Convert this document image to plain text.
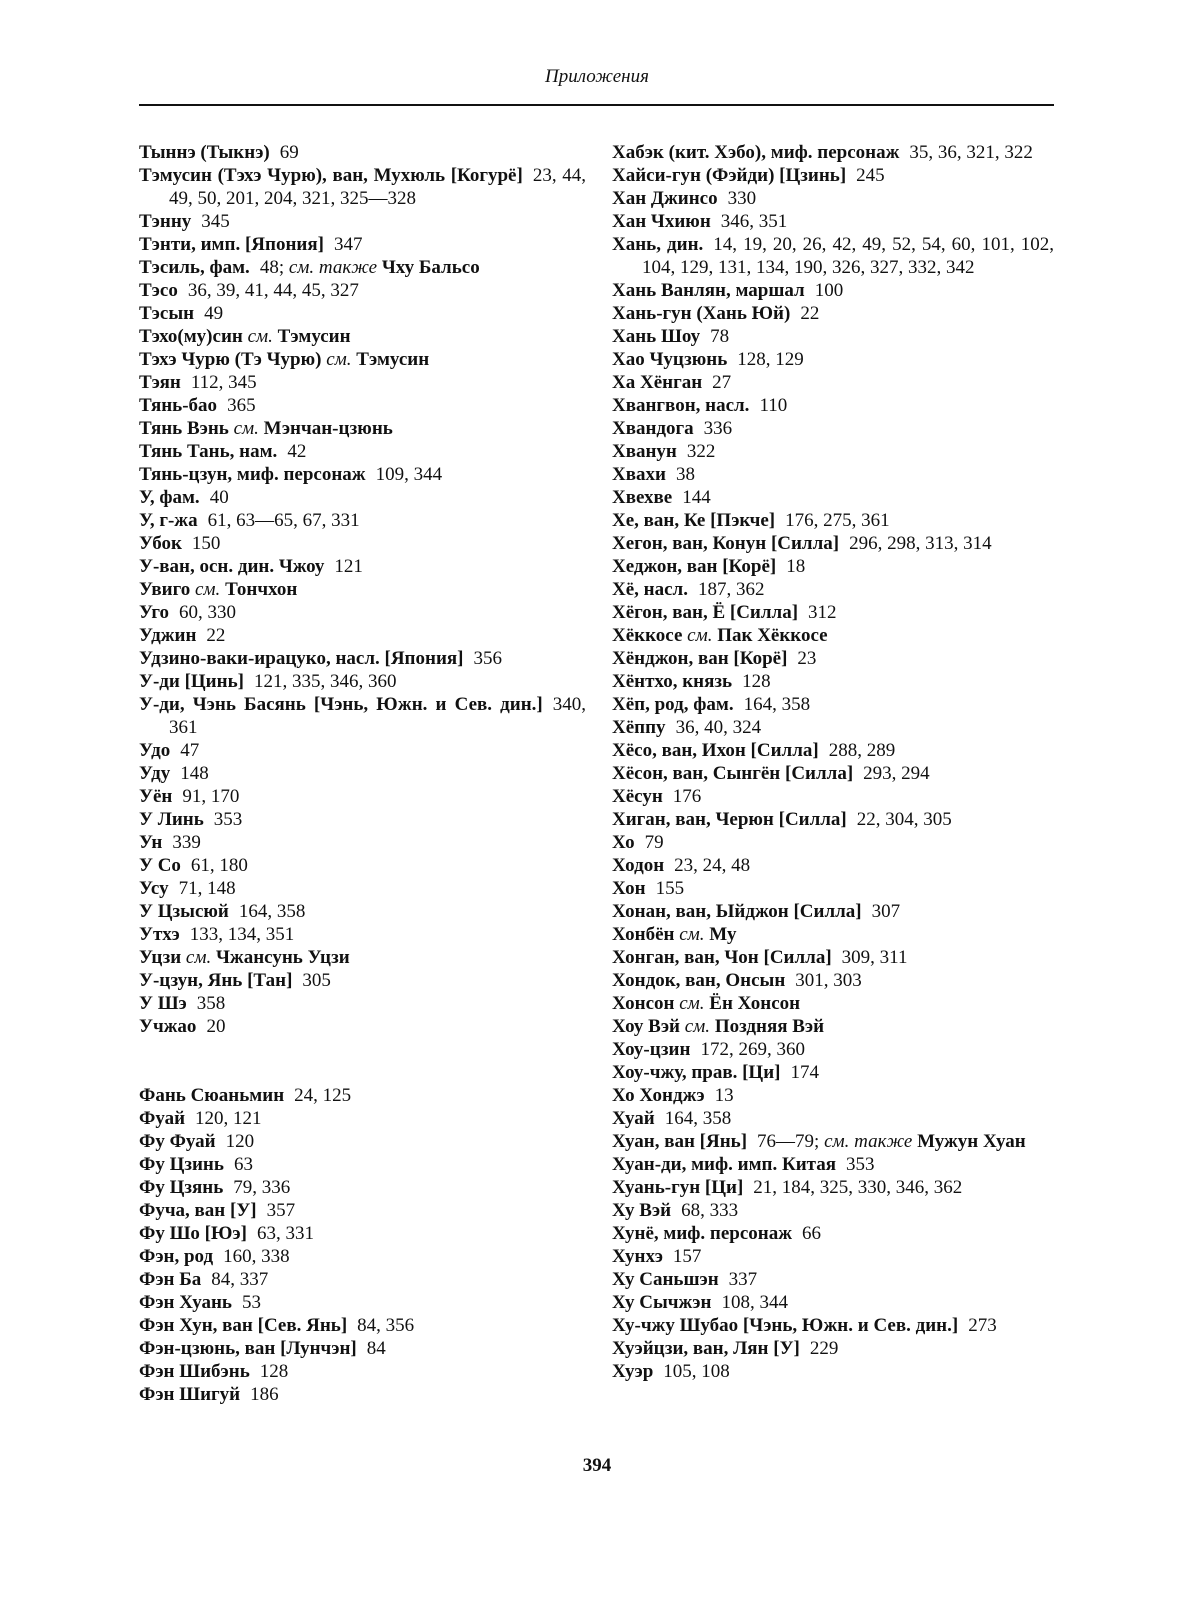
Приложения
Тыннэ (Тыкнэ) 69
Тэмусин (Тэхэ Чурю), ван, Мухюль [Когурё] 23, 44, 49, 50, 201, 204, 321, 325—328
Тэнну 345
Тэнти, имп. [Япония] 347
Тэсиль, фам. 48; см. также Чху Бальсо
Тэсо 36, 39, 41, 44, 45, 327
Тэсын 49
Тэхо(му)син см. Тэмусин
Тэхэ Чурю (Тэ Чурю) см. Тэмусин
Тэян 112, 345
Тянь-бао 365
Тянь Вэнь см. Мэнчан-цзюнь
Тянь Тань, нам. 42
Тянь-цзун, миф. персонаж 109, 344
У, фам. 40
У, г-жа 61, 63—65, 67, 331
Убок 150
У-ван, осн. дин. Чжоу 121
Увиго см. Тончхон
Уго 60, 330
Уджин 22
Удзино-ваки-ирацуко, насл. [Япония] 356
У-ди [Цинь] 121, 335, 346, 360
У-ди, Чэнь Басянь [Чэнь, Южн. и Сев. дин.] 340, 361
Удо 47
Уду 148
Уён 91, 170
У Линь 353
Ун 339
У Со 61, 180
Усу 71, 148
У Цзысюй 164, 358
Утхэ 133, 134, 351
Уцзи см. Чжансунь Уцзи
У-цзун, Янь [Тан] 305
У Шэ 358
Учжао 20
Фань Сюаньмин 24, 125
Фуай 120, 121
Фу Фуай 120
Фу Цзинь 63
Фу Цзянь 79, 336
Фуча, ван [У] 357
Фу Шо [Юэ] 63, 331
Фэн, род 160, 338
Фэн Ба 84, 337
Фэн Хуань 53
Фэн Хун, ван [Сев. Янь] 84, 356
Фэн-цзюнь, ван [Лунчэн] 84
Фэн Шибэнь 128
Фэн Шигуй 186
Хабэк (кит. Хэбо), миф. персонаж 35, 36, 321, 322
Хайси-гун (Фэйди) [Цзинь] 245
Хан Джинсо 330
Хан Чхиюн 346, 351
Хань, дин. 14, 19, 20, 26, 42, 49, 52, 54, 60, 101, 102, 104, 129, 131, 134, 190, 326, 327, 332, 342
Хань Ванлян, маршал 100
Хань-гун (Хань Юй) 22
Хань Шоу 78
Хао Чуцзюнь 128, 129
Ха Хёнган 27
Хвангвон, насл. 110
Хвандога 336
Хванун 322
Хвахи 38
Хвехве 144
Хе, ван, Ке [Пэкче] 176, 275, 361
Хегон, ван, Конун [Силла] 296, 298, 313, 314
Хеджон, ван [Корё] 18
Хё, насл. 187, 362
Хёгон, ван, Ё [Силла] 312
Хёккосе см. Пак Хёккосе
Хёнджон, ван [Корё] 23
Хёнтхо, князь 128
Хёп, род, фам. 164, 358
Хёппу 36, 40, 324
Хёсо, ван, Ихон [Силла] 288, 289
Хёсон, ван, Сынгён [Силла] 293, 294
Хёсун 176
Хиган, ван, Черюн [Силла] 22, 304, 305
Хо 79
Ходон 23, 24, 48
Хон 155
Хонан, ван, Ыйджон [Силла] 307
Хонбён см. Му
Хонган, ван, Чон [Силла] 309, 311
Хондок, ван, Онсын 301, 303
Хонсон см. Ён Хонсон
Хоу Вэй см. Поздняя Вэй
Хоу-цзин 172, 269, 360
Хоу-чжу, прав. [Ци] 174
Хо Хонджэ 13
Хуай 164, 358
Хуан, ван [Янь] 76—79; см. также Мужун Хуан
Хуан-ди, миф. имп. Китая 353
Хуань-гун [Ци] 21, 184, 325, 330, 346, 362
Ху Вэй 68, 333
Хунё, миф. персонаж 66
Хунхэ 157
Ху Саньшэн 337
Ху Сычжэн 108, 344
Ху-чжу Шубао [Чэнь, Южн. и Сев. дин.] 273
Хуэйцзи, ван, Лян [У] 229
Хуэр 105, 108
394
